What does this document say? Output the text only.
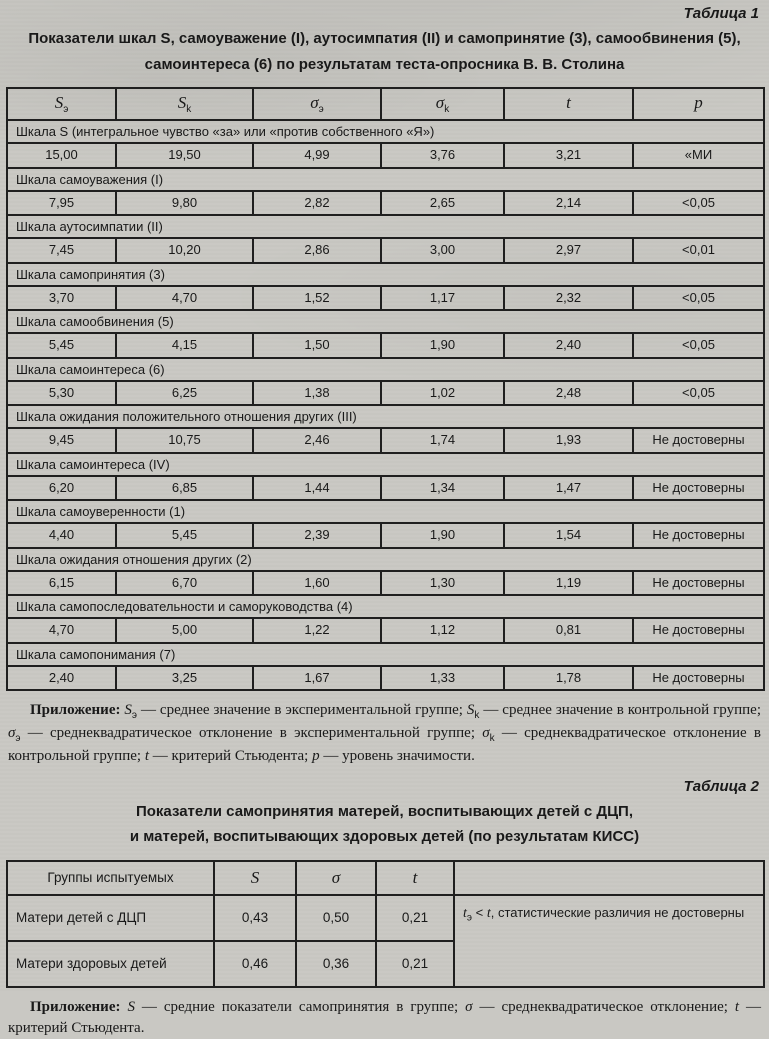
Таблица 1
Показатели шкал S, самоуважение (I), аутосимпатия (II) и самопринятие (3), самообвинения (5),
самоинтереса (6) по результатам теста-опросника В. В. Столина
$S_э$	$S_k$	$\sigma_э$	$\sigma_k$	t	p
Шкала S (интегральное чувство «за» или «против собственного «Я»)					
15,00	19,50	4,99	3,76	3,21	«МИ
Шкала самоуважения (I)					
7,95	9,80	2,82	2,65	2,14	<0,05
Шкала аутосимпатии (II)					
7,45	10,20	2,86	3,00	2,97	<0,01
Шкала самопринятия (3)					
3,70	4,70	1,52	1,17	2,32	<0,05
Шкала самообвинения (5)					
5,45	4,15	1,50	1,90	2,40	<0,05
Шкала самоинтереса (6)					
5,30	6,25	1,38	1,02	2,48	<0,05
Шкала ожидания положительного отношения других (III)					
9,45	10,75	2,46	1,74	1,93	Не достоверны
Шкала самоинтереса (IV)					
6,20	6,85	1,44	1,34	1,47	Не достоверны
Шкала самоуверенности (1)					
4,40	5,45	2,39	1,90	1,54	Не достоверны
Шкала ожидания отношения других (2)					
6,15	6,70	1,60	1,30	1,19	Не достоверны
Шкала самопоследовательности и саморуководства (4)					
4,70	5,00	1,22	1,12	0,81	Не достоверны
Шкала самопонимания (7)					
2,40	3,25	1,67	1,33	1,78	Не достоверны

Приложение: $S_э$ — среднее значение в экспериментальной группе; $S_k$ — среднее значение в контрольной группе; $\sigma_э$ — среднеквадратическое отклонение в экспериментальной группе; $\sigma_k$ — среднеквадратическое отклонение в контрольной группе; t — критерий Стьюдента; p — уровень значимости.

Таблица 2
Показатели самопринятия матерей, воспитывающих детей с ДЦП,
и матерей, воспитывающих здоровых детей (по результатам КИСС)
Группы испытуемых	S	σ	t	
Матери детей с ДЦП	0,43	0,50	0,21	$t_э < t$, статистические различия не достоверны
Матери здоровых детей	0,46	0,36	0,21	

Приложение: S — средние показатели самопринятия в группе; σ — среднеквадратическое отклонение; t — критерий Стьюдента.
